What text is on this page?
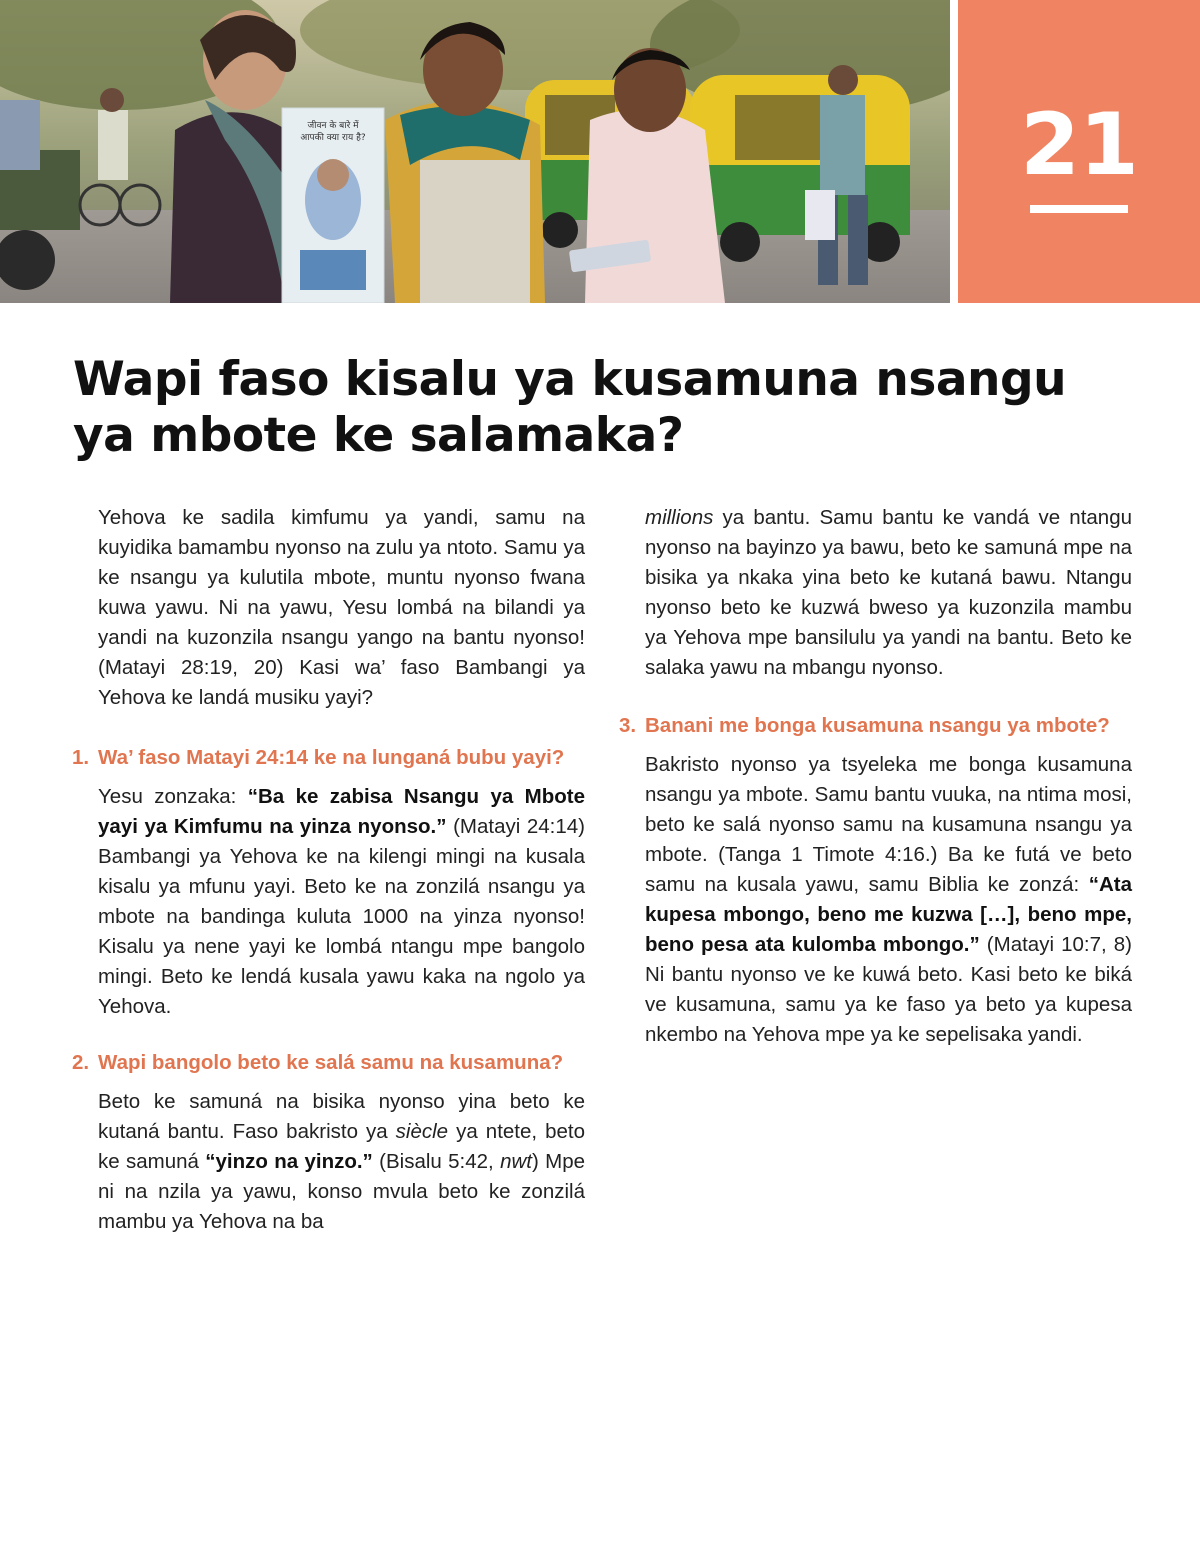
जीवन के बारे में
आपकी क्या राय है?	21
Wapi faso kisalu ya kusamuna nsangu ya mbote ke salamaka?

Yehova ke sadila kimfumu ya yandi, samu na kuyidika bamambu nyonso na zulu ya ntoto. Samu ya ke nsangu ya kulutila mbote, muntu nyonso fwana kuwa yawu. Ni na yawu, Yesu lombá na bilandi ya yandi na kuzonzila nsangu yango na bantu nyonso! (Matayi 28:19, 20) Kasi wa’ faso Bambangi ya Yehova ke landá musiku yayi?

1. Wa’ faso Matayi 24:14 ke na lunganá bubu yayi?

Yesu zonzaka: “Ba ke zabisa Nsangu ya Mbote yayi ya Kimfumu na yinza nyonso.” (Matayi 24:14) Bambangi ya Yehova ke na kilengi mingi na kusala kisalu ya mfunu yayi. Beto ke na zonzilá nsangu ya mbote na bandinga kuluta 1000 na yinza nyonso! Kisalu ya nene yayi ke lombá ntangu mpe bangolo mingi. Beto ke lendá kusala yawu kaka na ngolo ya Yehova.

2. Wapi bangolo beto ke salá samu na kusamuna?

Beto ke samuná na bisika nyonso yina beto ke kutaná bantu. Faso bakristo ya siècle ya ntete, beto ke samuná “yinzo na yinzo.” (Bisalu 5:42, nwt) Mpe ni na nzila ya yawu, konso mvula beto ke zonzilá mambu ya Yehova na ba

millions ya bantu. Samu bantu ke vandá ve ntangu nyonso na bayinzo ya bawu, beto ke samuná mpe na bisika ya nkaka yina beto ke kutaná bawu. Ntangu nyonso beto ke kuzwá bweso ya kuzonzila mambu ya Yehova mpe bansilulu ya yandi na bantu. Beto ke salaka yawu na mbangu nyonso.

3. Banani me bonga kusamuna nsangu ya mbote?

Bakristo nyonso ya tsyeleka me bonga kusamuna nsangu ya mbote. Samu bantu vuuka, na ntima mosi, beto ke salá nyonso samu na kusamuna nsangu ya mbote. (Tanga 1 Timote 4:16.) Ba ke futá ve beto samu na kusala yawu, samu Biblia ke zonzá: “Ata kupesa mbongo, beno me kuzwa […], beno mpe, beno pesa ata kulomba mbongo.” (Matayi 10:7, 8) Ni bantu nyonso ve ke kuwá beto. Kasi beto ke biká ve kusamuna, samu ya ke faso ya beto ya kupesa nkembo na Yehova mpe ya ke sepelisaka yandi.
